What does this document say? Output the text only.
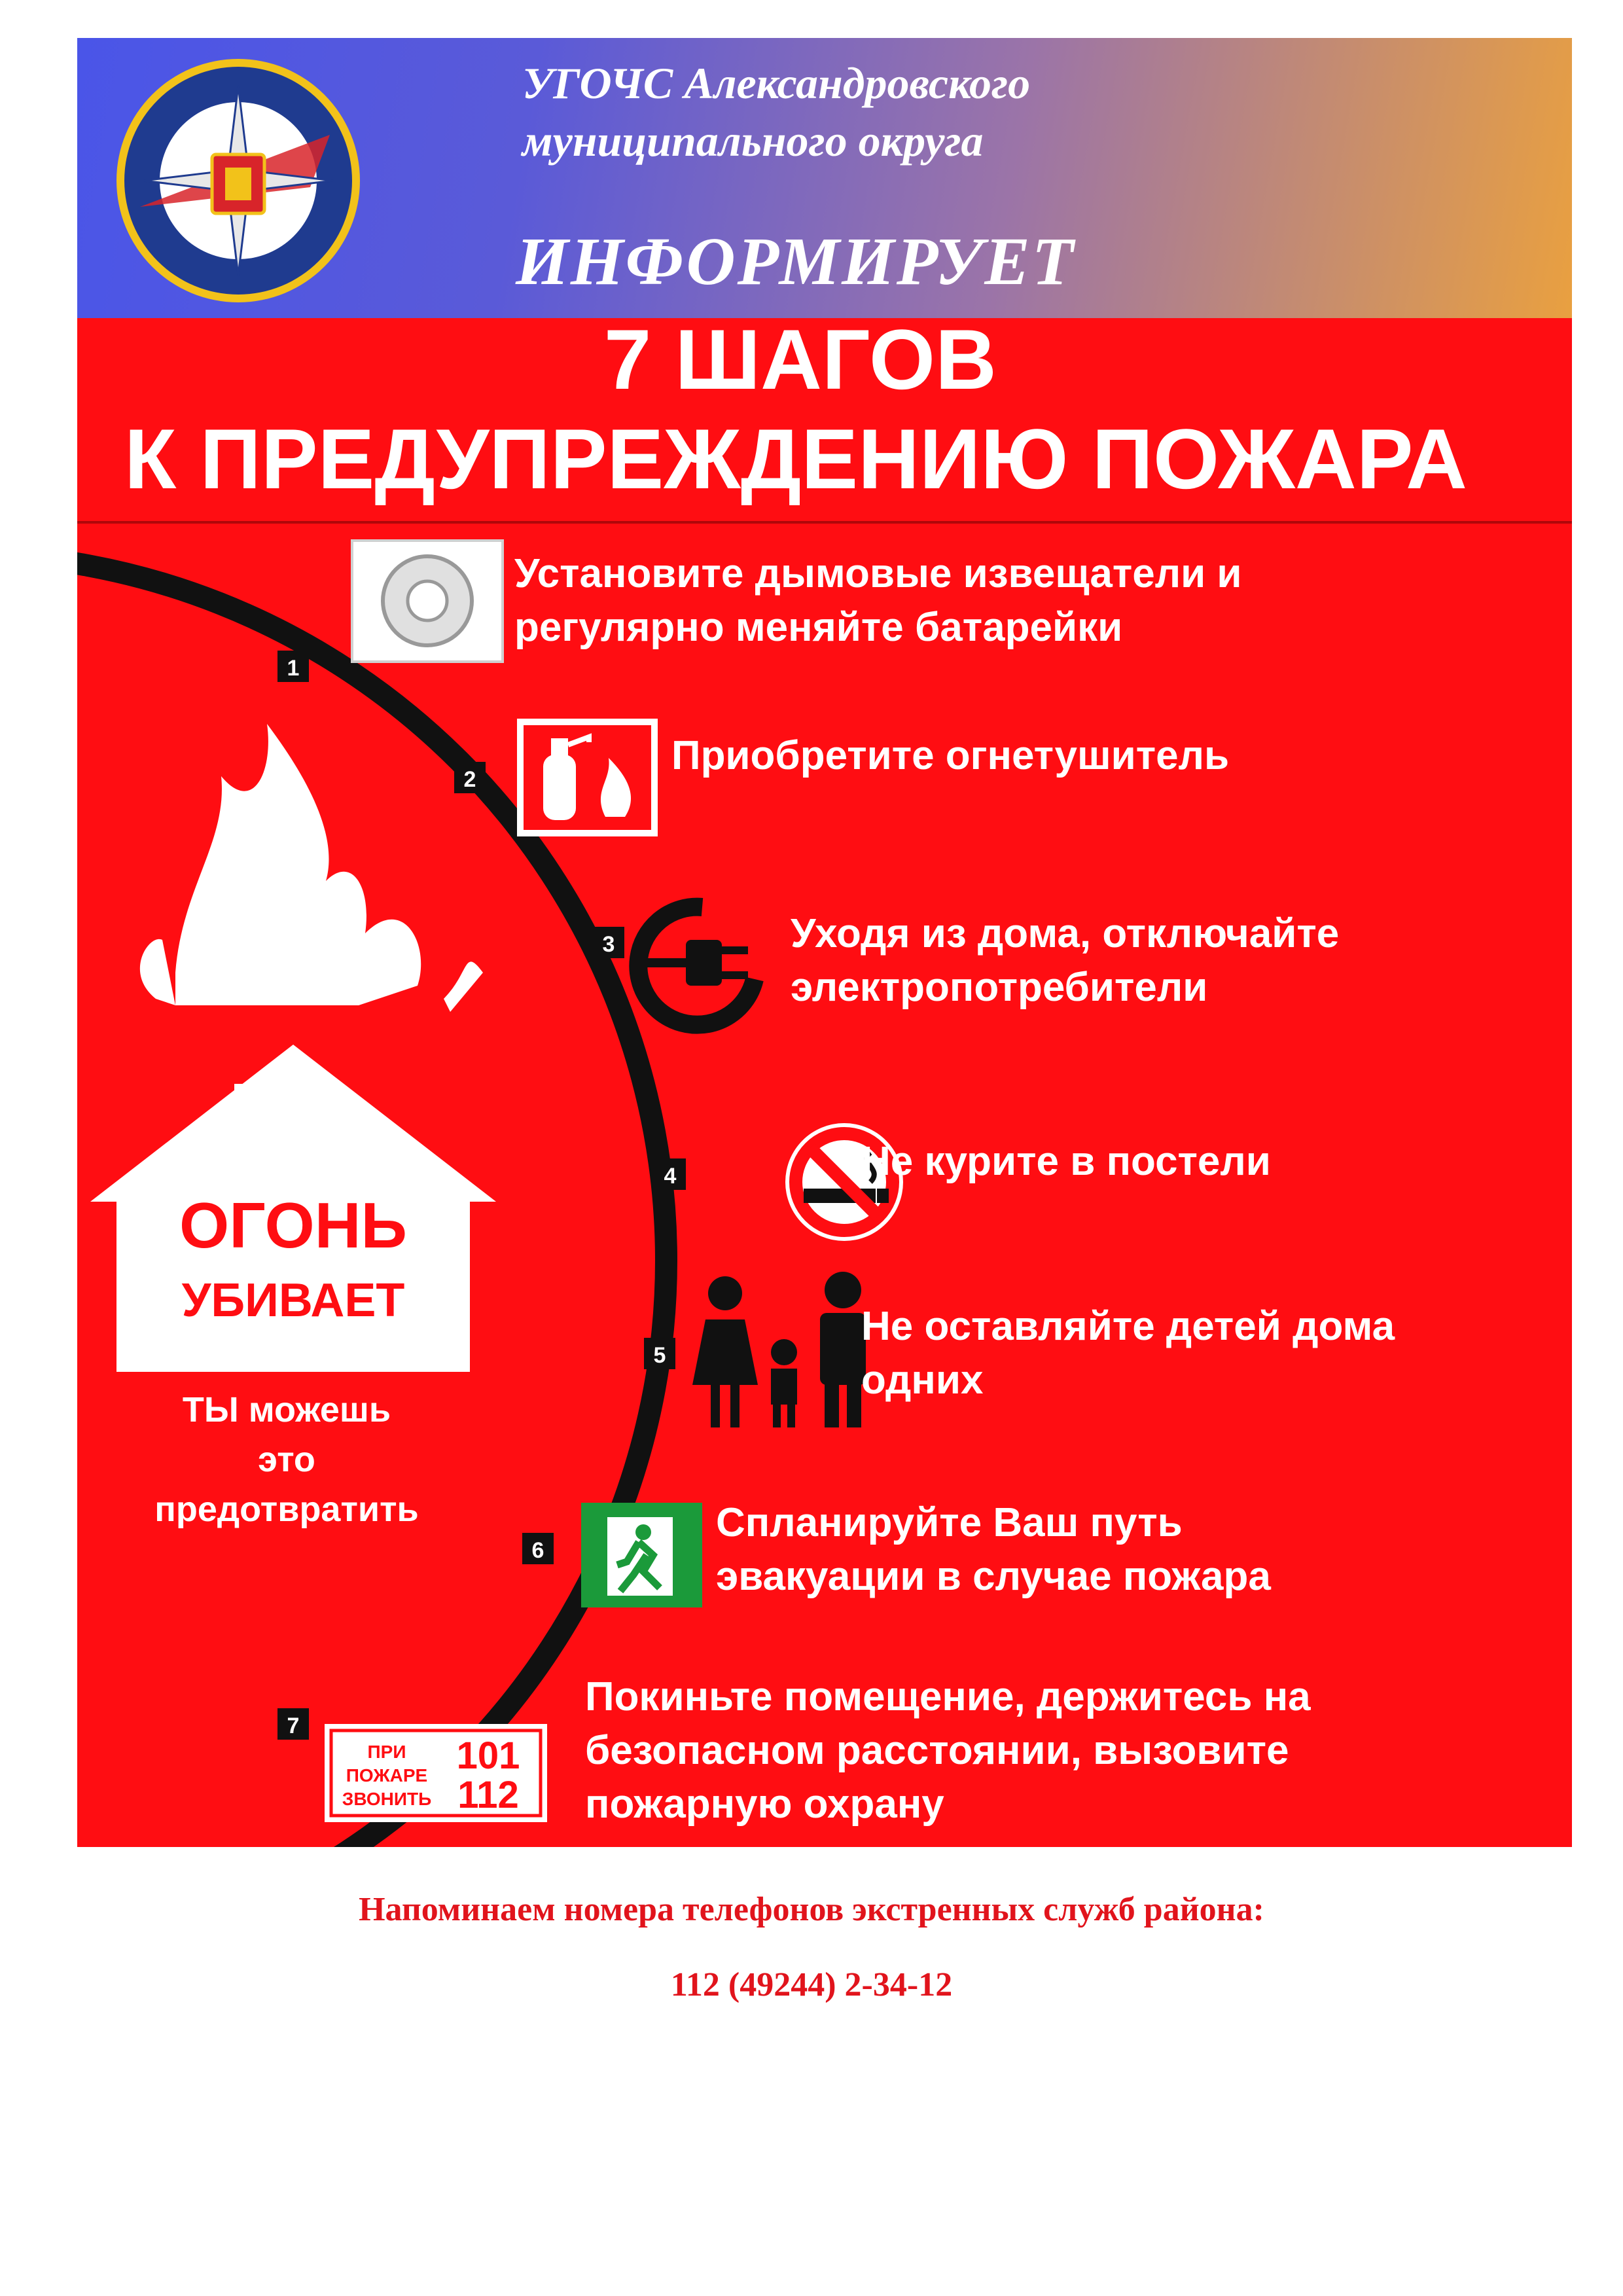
УГОЧС Александровского
муниципального округа
ИНФОРМИРУЕТ
7 ШАГОВ
К ПРЕДУПРЕЖДЕНИЮ ПОЖАРА
1
2
3
4
5
6
7
ПРИ
ПОЖАРЕ
ЗВОНИТЬ
101
112
ОГОНЬ
УБИВАЕТ
ТЫ можешь
это
предотвратить
Установите дымовые извещатели и
регулярно меняйте батарейки
Приобретите огнетушитель
Уходя из дома, отключайте
электропотребители
Не курите в постели
Не оставляйте детей дома
одних
Спланируйте Ваш путь
эвакуации в случае пожара
Покиньте помещение, держитесь на
безопасном расстоянии, вызовите
пожарную охрану
Напоминаем номера телефонов экстренных служб района:
112 (49244) 2-34-12
